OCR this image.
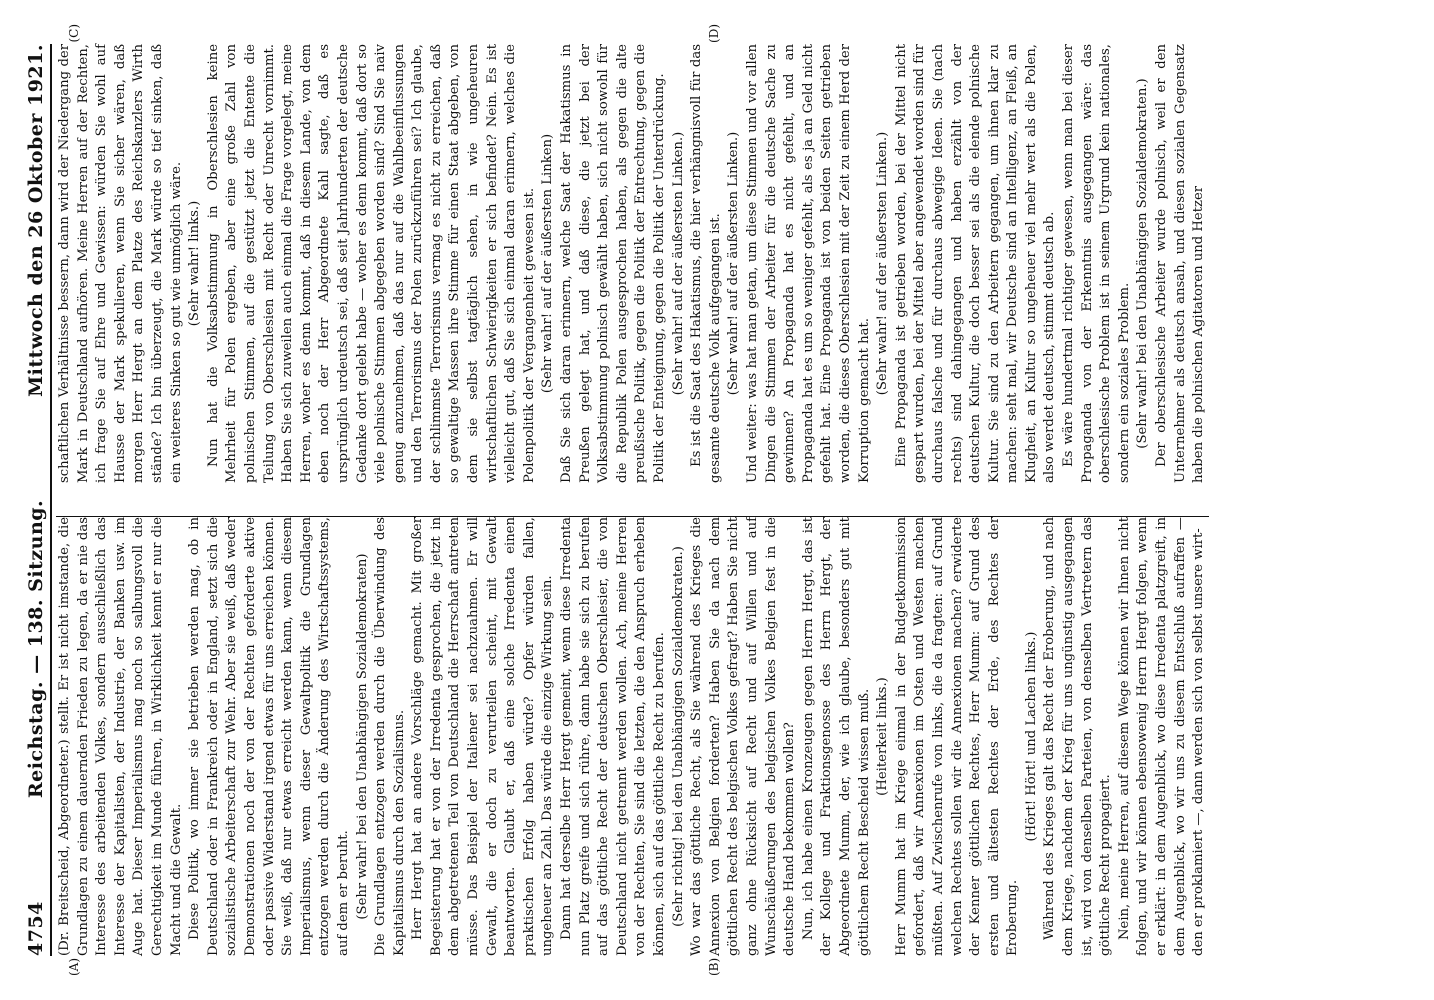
4754
Reichstag. — 138. Sitzung.
Mittwoch den 26 Oktober 1921.

(Dr. Breitscheid, Abgeordneter.) stellt. Er ist nicht imstande, die Grundlagen zu einem dauernden Frieden zu legen, da er nie das Interesse des arbeitenden Volkes, sondern ausschließlich das Interesse der Kapitalisten, der Industrie, der Banken usw. im Auge hat. Dieser Imperialismus mag noch so salbungsvoll die Gerechtigkeit im Munde führen, in Wirklichkeit kennt er nur die Macht und die Gewalt. Diese Politik, wo immer sie betrieben werden mag, ob in Deutschland oder in Frankreich oder in England, setzt sich die sozialistische Arbeiterschaft zur Wehr. Aber sie weiß, daß weder Demonstrationen noch der von der Rechten geforderte aktive oder passive Widerstand irgend etwas für uns erreichen können. Sie weiß, daß nur etwas erreicht werden kann, wenn diesem Imperialismus, wenn dieser Gewaltpolitik die Grundlagen entzogen werden durch die Änderung des Wirtschaftssystems, auf dem er beruht. (Sehr wahr! bei den Unabhängigen Sozialdemokraten) Die Grundlagen entzogen werden durch die Überwindung des Kapitalismus durch den Sozialismus. Herr Hergt hat an andere Vorschläge gemacht. Mit großer Begeisterung hat er von der Irredenta gesprochen, die jetzt in dem abgetretenen Teil von Deutschland die Herrschaft antreten müsse. Das Beispiel der Italiener sei nachzuahmen. Er will Gewalt, die er doch zu verurteilen scheint, mit Gewalt beantworten. Glaubt er, daß eine solche Irredenta einen praktischen Erfolg haben würde? Opfer würden fallen, ungeheuer an Zahl. Das würde die einzige Wirkung sein. Dann hat derselbe Herr Hergt gemeint, wenn diese Irredenta nun Platz greife und sich rühre, dann habe sie sich zu berufen auf das göttliche Recht der deutschen Oberschlesier, die von Deutschland nicht getrennt werden wollen. Ach, meine Herren von der Rechten, Sie sind die letzten, die den Anspruch erheben können, sich auf das göttliche Recht zu berufen. (Sehr richtig! bei den Unabhängigen Sozialdemokraten.) Wo war das göttliche Recht, als Sie während des Krieges die Annexion von Belgien forderten? Haben Sie da nach dem göttlichen Recht des belgischen Volkes gefragt? Haben Sie nicht ganz ohne Rücksicht auf Recht und auf Willen und auf Wunschäußerungen des belgischen Volkes Belgien fest in die deutsche Hand bekommen wollen? Nun, ich habe einen Kronzeugen gegen Herrn Hergt, das ist der Kollege und Fraktionsgenosse des Herrn Hergt, der Abgeordnete Mumm, der, wie ich glaube, besonders gut mit göttlichem Recht Bescheid wissen muß. (Heiterkeit links.) Herr Mumm hat im Kriege einmal in der Budgetkommission gefordert, daß wir Annexionen im Osten und Westen machen müßten. Auf Zwischenrufe von links, die da fragten: auf Grund welchen Rechtes sollen wir die Annexionen machen? erwiderte der Kenner göttlichen Rechtes, Herr Mumm: auf Grund des ersten und ältesten Rechtes der Erde, des Rechtes der Eroberung.

(Hört! Hört! und Lachen links.) Während des Krieges galt das Recht der Eroberung, und nach dem Kriege, nachdem der Krieg für uns ungünstig ausgegangen ist, wird von denselben Parteien, von denselben Vertretern das göttliche Recht propagiert. Nein, meine Herren, auf diesem Wege können wir Ihnen nicht folgen, und wir können ebensowenig Herrn Hergt folgen, wenn er erklärt: in dem Augenblick, wo diese Irredenta platzgreift, in dem Augenblick, wo wir uns zu diesem Entschluß aufraffen — den er proklamiert —, dann werden sich von selbst unsere wirt-

schaftlichen Verhältnisse bessern, dann wird der Niedergang der Mark in Deutschland aufhören. Meine Herren auf der Rechten, ich frage Sie auf Ehre und Gewissen: würden Sie wohl auf Hausse der Mark spekulieren, wenn Sie sicher wären, daß morgen Herr Hergt an dem Platze des Reichskanzlers Wirth stände? Ich bin überzeugt, die Mark würde so tief sinken, daß ein weiteres Sinken so gut wie unmöglich wäre. (Sehr wahr! links.) Nun hat die Volksabstimmung in Oberschlesien keine Mehrheit für Polen ergeben, aber eine große Zahl von polnischen Stimmen, auf die gestützt jetzt die Entente die Teilung von Oberschlesien mit Recht oder Unrecht vornimmt. Haben Sie sich zuweilen auch einmal die Frage vorgelegt, meine Herren, woher es denn kommt, daß in diesem Lande, von dem eben noch der Herr Abgeordnete Kahl sagte, daß es ursprünglich urdeutsch sei, daß seit Jahrhunderten der deutsche Gedanke dort gelebt habe — woher es denn kommt, daß dort so viele polnische Stimmen abgegeben worden sind? Sind Sie naiv genug anzunehmen, daß das nur auf die Wahlbeeinflussungen und den Terrorismus der Polen zurückzuführen sei? Ich glaube, der schlimmste Terrorismus vermag es nicht zu erreichen, daß so gewaltige Massen ihre Stimme für einen Staat abgeben, von dem sie selbst tagtäglich sehen, in wie ungeheuren wirtschaftlichen Schwierigkeiten er sich befindet? Nein. Es ist vielleicht gut, daß Sie sich einmal daran erinnern, welches die Polenpolitik der Vergangenheit gewesen ist. (Sehr wahr! auf der äußersten Linken) Daß Sie sich daran erinnern, welche Saat der Hakatismus in Preußen gelegt hat, und daß diese, die jetzt bei der Volksabstimmung polnisch gewählt haben, sich nicht sowohl für die Republik Polen ausgesprochen haben, als gegen die alte preußische Politik, gegen die Politik der Entrechtung, gegen die Politik der Enteignung, gegen die Politik der Unterdrückung. (Sehr wahr! auf der äußersten Linken.) Es ist die Saat des Hakatismus, die hier verhängnisvoll für das gesamte deutsche Volk aufgegangen ist. (Sehr wahr! auf der äußersten Linken.) Und weiter: was hat man getan, um diese Stimmen und vor allen Dingen die Stimmen der Arbeiter für die deutsche Sache zu gewinnen? An Propaganda hat es nicht gefehlt, und an Propaganda hat es um so weniger gefehlt, als es ja an Geld nicht gefehlt hat. Eine Propaganda ist von beiden Seiten getrieben worden, die dieses Oberschlesien mit der Zeit zu einem Herd der Korruption gemacht hat.

(Sehr wahr! auf der äußersten Linken.) Eine Propaganda ist getrieben worden, bei der Mittel nicht gespart wurden, bei der Mittel aber angewendet worden sind für durchaus falsche und für durchaus abwegige Ideen. Sie (nach rechts) sind dahingegangen und haben erzählt von der deutschen Kultur, die doch besser sei als die elende polnische Kultur. Sie sind zu den Arbeitern gegangen, um ihnen klar zu machen: seht mal, wir Deutsche sind an Intelligenz, an Fleiß, an Klugheit, an Kultur so ungeheuer viel mehr wert als die Polen, also werdet deutsch, stimmt deutsch ab. Es wäre hundertmal richtiger gewesen, wenn man bei dieser Propaganda von der Erkenntnis ausgegangen wäre: das oberschlesische Problem ist in seinem Urgrund kein nationales, sondern ein soziales Problem. (Sehr wahr! bei den Unabhängigen Sozialdemokraten.) Der oberschlesische Arbeiter wurde polnisch, weil er den Unternehmer als deutsch ansah, und diesen sozialen Gegensatz haben die polnischen Agitatoren und Hetzer

(A)	(B)
(C)	(D)
